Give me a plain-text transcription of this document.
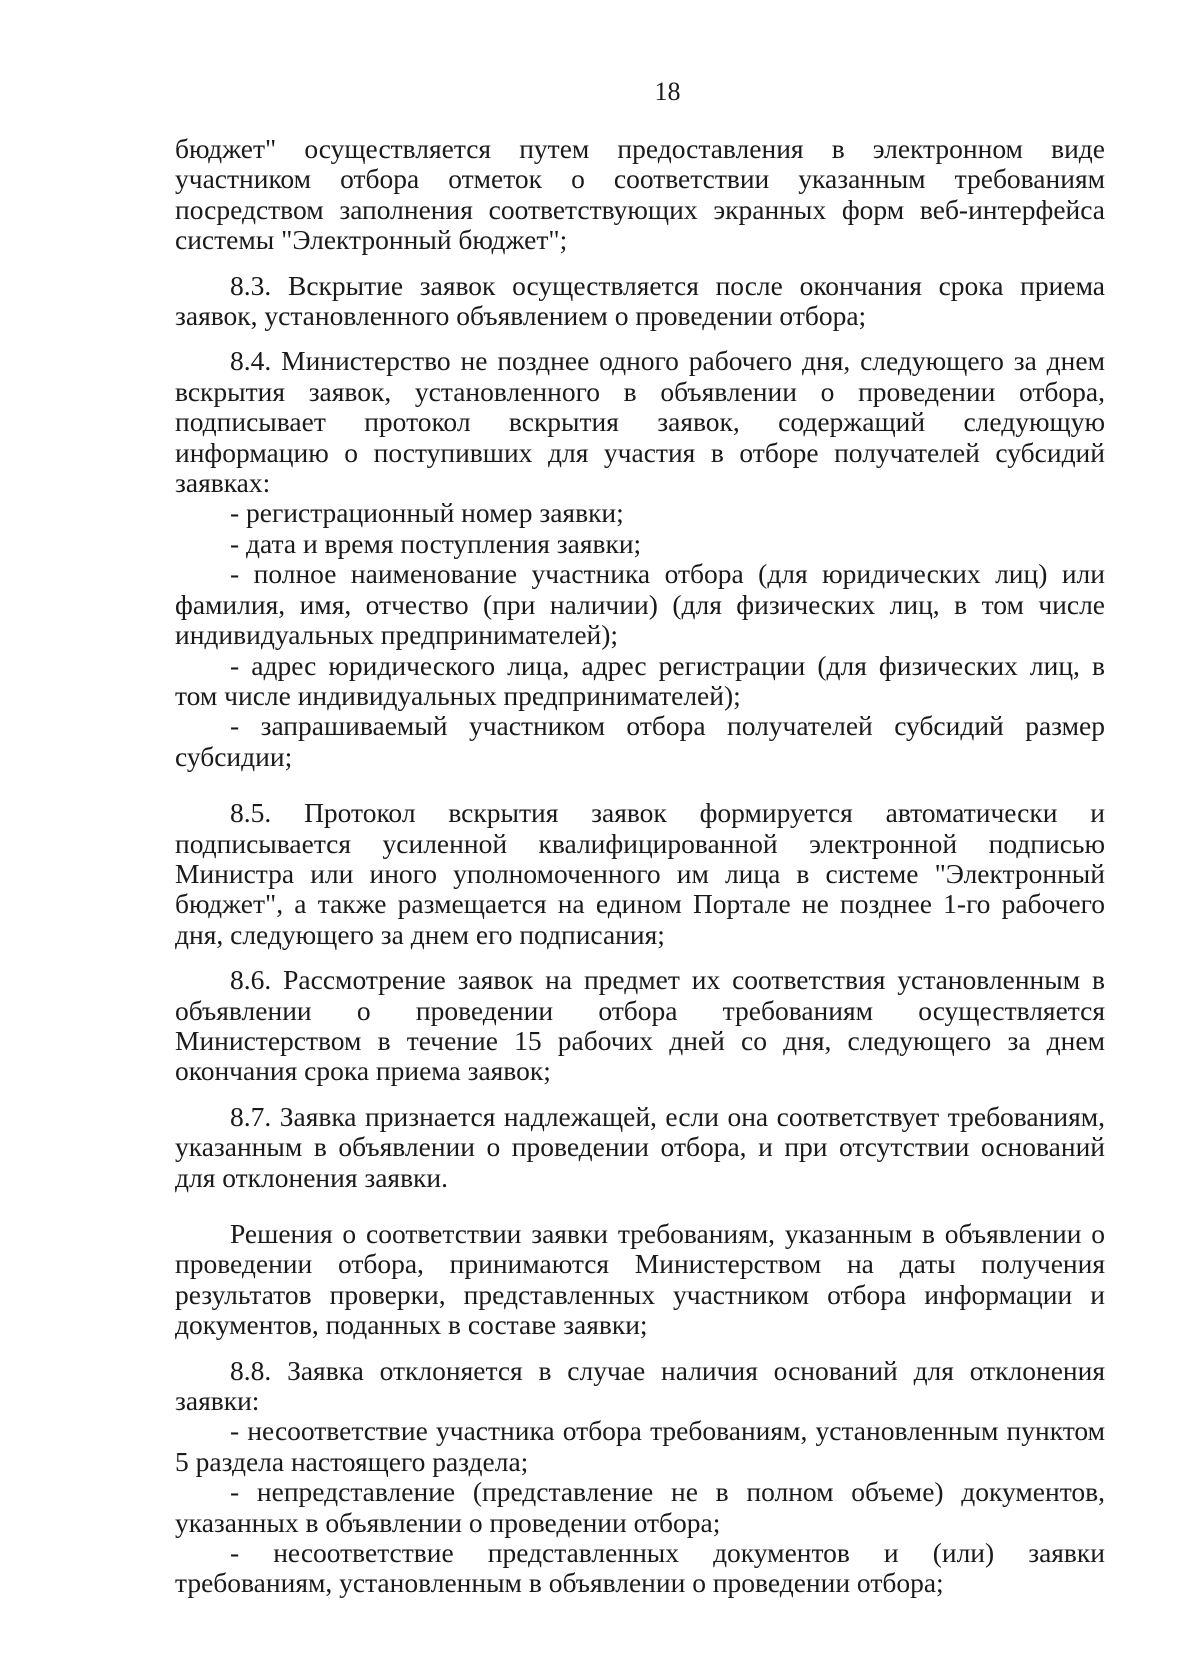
18

бюджет" осуществляется путем предоставления в электронном виде участником отбора отметок о соответствии указанным требованиям посредством заполнения соответствующих экранных форм веб-интерфейса системы "Электронный бюджет";

8.3. Вскрытие заявок осуществляется после окончания срока приема заявок, установленного объявлением о проведении отбора;

8.4. Министерство не позднее одного рабочего дня, следующего за днем вскрытия заявок, установленного в объявлении о проведении отбора, подписывает протокол вскрытия заявок, содержащий следующую информацию о поступивших для участия в отборе получателей субсидий заявках:

- регистрационный номер заявки;

- дата и время поступления заявки;

- полное наименование участника отбора (для юридических лиц) или фамилия, имя, отчество (при наличии) (для физических лиц, в том числе индивидуальных предпринимателей);

- адрес юридического лица, адрес регистрации (для физических лиц, в том числе индивидуальных предпринимателей);

- запрашиваемый участником отбора получателей субсидий размер субсидии;

8.5. Протокол вскрытия заявок формируется автоматически и подписывается усиленной квалифицированной электронной подписью Министра или иного уполномоченного им лица в системе "Электронный бюджет", а также размещается на едином Портале не позднее 1-го рабочего дня, следующего за днем его подписания;

8.6. Рассмотрение заявок на предмет их соответствия установленным в объявлении о проведении отбора требованиям осуществляется Министерством в течение 15 рабочих дней со дня, следующего за днем окончания срока приема заявок;

8.7. Заявка признается надлежащей, если она соответствует требованиям, указанным в объявлении о проведении отбора, и при отсутствии оснований для отклонения заявки.

Решения о соответствии заявки требованиям, указанным в объявлении о проведении отбора, принимаются Министерством на даты получения результатов проверки, представленных участником отбора информации и документов, поданных в составе заявки;

8.8. Заявка отклоняется в случае наличия оснований для отклонения заявки:

- несоответствие участника отбора требованиям, установленным пунктом 5 раздела настоящего раздела;

- непредставление (представление не в полном объеме) документов, указанных в объявлении о проведении отбора;

- несоответствие представленных документов и (или) заявки требованиям, установленным в объявлении о проведении отбора;
